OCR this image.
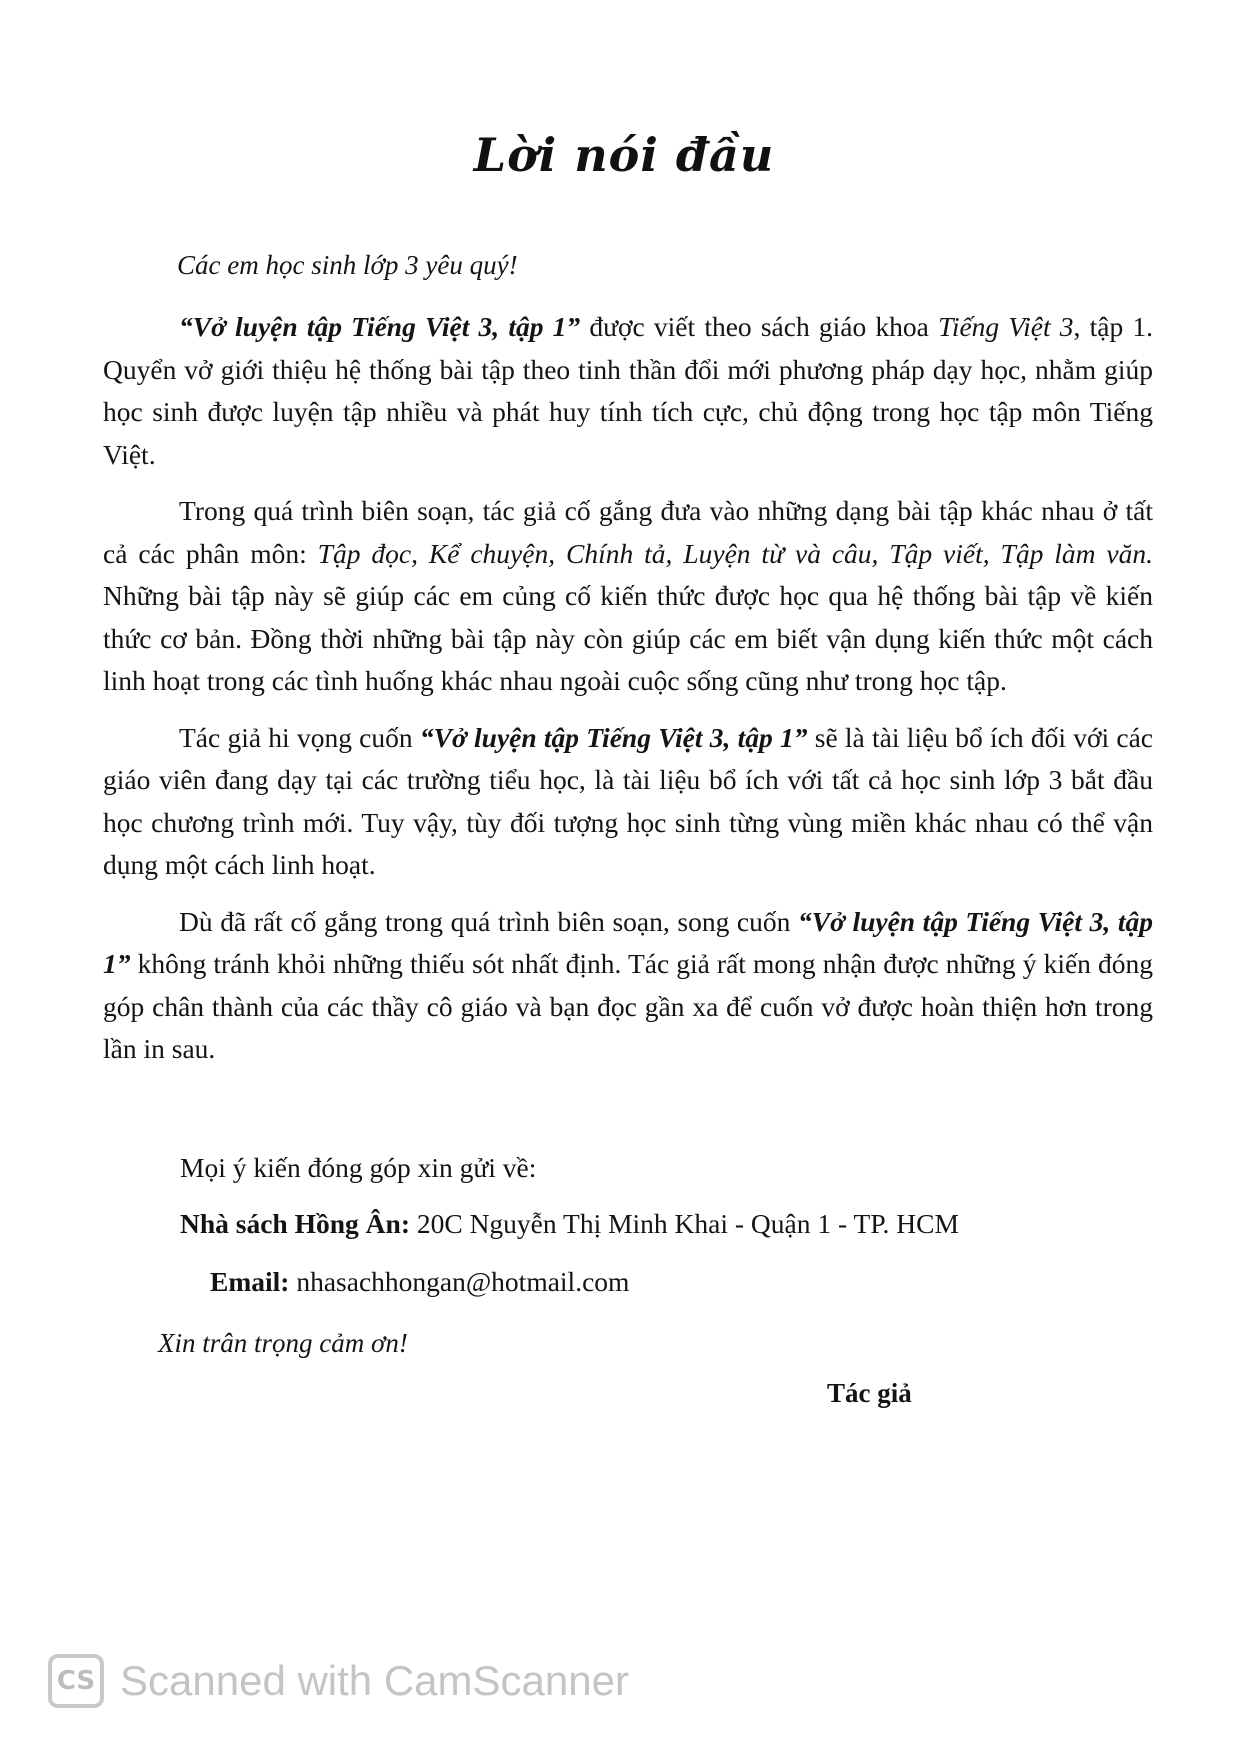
Lời nói đầu
Các em học sinh lớp 3 yêu quý!

“Vở luyện tập Tiếng Việt 3, tập 1” được viết theo sách giáo khoa Tiếng Việt 3, tập 1. Quyển vở giới thiệu hệ thống bài tập theo tinh thần đổi mới phương pháp dạy học, nhằm giúp học sinh được luyện tập nhiều và phát huy tính tích cực, chủ động trong học tập môn Tiếng Việt.

Trong quá trình biên soạn, tác giả cố gắng đưa vào những dạng bài tập khác nhau ở tất cả các phân môn: Tập đọc, Kể chuyện, Chính tả, Luyện từ và câu, Tập viết, Tập làm văn. Những bài tập này sẽ giúp các em củng cố kiến thức được học qua hệ thống bài tập về kiến thức cơ bản. Đồng thời những bài tập này còn giúp các em biết vận dụng kiến thức một cách linh hoạt trong các tình huống khác nhau ngoài cuộc sống cũng như trong học tập.

Tác giả hi vọng cuốn “Vở luyện tập Tiếng Việt 3, tập 1” sẽ là tài liệu bổ ích đối với các giáo viên đang dạy tại các trường tiểu học, là tài liệu bổ ích với tất cả học sinh lớp 3 bắt đầu học chương trình mới. Tuy vậy, tùy đối tượng học sinh từng vùng miền khác nhau có thể vận dụng một cách linh hoạt.

Dù đã rất cố gắng trong quá trình biên soạn, song cuốn “Vở luyện tập Tiếng Việt 3, tập 1” không tránh khỏi những thiếu sót nhất định. Tác giả rất mong nhận được những ý kiến đóng góp chân thành của các thầy cô giáo và bạn đọc gần xa để cuốn vở được hoàn thiện hơn trong lần in sau.

Mọi ý kiến đóng góp xin gửi về:
Nhà sách Hồng Ân: 20C Nguyễn Thị Minh Khai - Quận 1 - TP. HCM
Email: nhasachhongan@hotmail.com
Xin trân trọng cảm ơn!
Tác giả
CS Scanned with CamScanner
